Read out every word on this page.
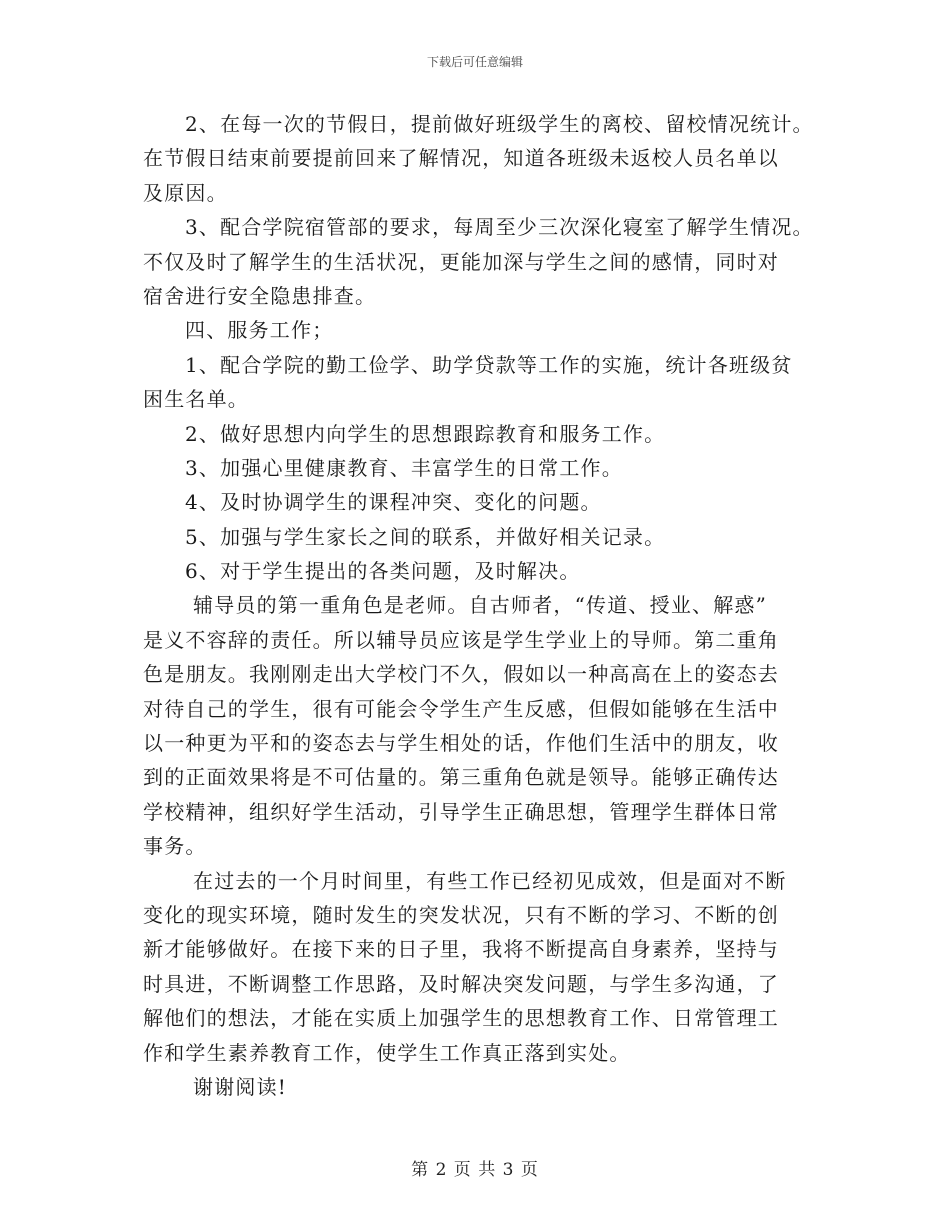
下载后可任意编辑
2、在每一次的节假日，提前做好班级学生的离校、留校情况统计。
在节假日结束前要提前回来了解情况，知道各班级未返校人员名单以
及原因。
3、配合学院宿管部的要求，每周至少三次深化寝室了解学生情况。
不仅及时了解学生的生活状况，更能加深与学生之间的感情，同时对
宿舍进行安全隐患排查。
四、服务工作；
1、配合学院的勤工俭学、助学贷款等工作的实施，统计各班级贫
困生名单。
2、做好思想内向学生的思想跟踪教育和服务工作。
3、加强心里健康教育、丰富学生的日常工作。
4、及时协调学生的课程冲突、变化的问题。
5、加强与学生家长之间的联系，并做好相关记录。
6、对于学生提出的各类问题，及时解决。
辅导员的第一重角色是老师。自古师者，“传道、授业、解惑”
是义不容辞的责任。所以辅导员应该是学生学业上的导师。第二重角
色是朋友。我刚刚走出大学校门不久，假如以一种高高在上的姿态去
对待自己的学生，很有可能会令学生产生反感，但假如能够在生活中
以一种更为平和的姿态去与学生相处的话，作他们生活中的朋友，收
到的正面效果将是不可估量的。第三重角色就是领导。能够正确传达
学校精神，组织好学生活动，引导学生正确思想，管理学生群体日常
事务。
在过去的一个月时间里，有些工作已经初见成效，但是面对不断
变化的现实环境，随时发生的突发状况，只有不断的学习、不断的创
新才能够做好。在接下来的日子里，我将不断提高自身素养，坚持与
时具进，不断调整工作思路，及时解决突发问题，与学生多沟通，了
解他们的想法，才能在实质上加强学生的思想教育工作、日常管理工
作和学生素养教育工作，使学生工作真正落到实处。
谢谢阅读!
第 2 页 共 3 页
